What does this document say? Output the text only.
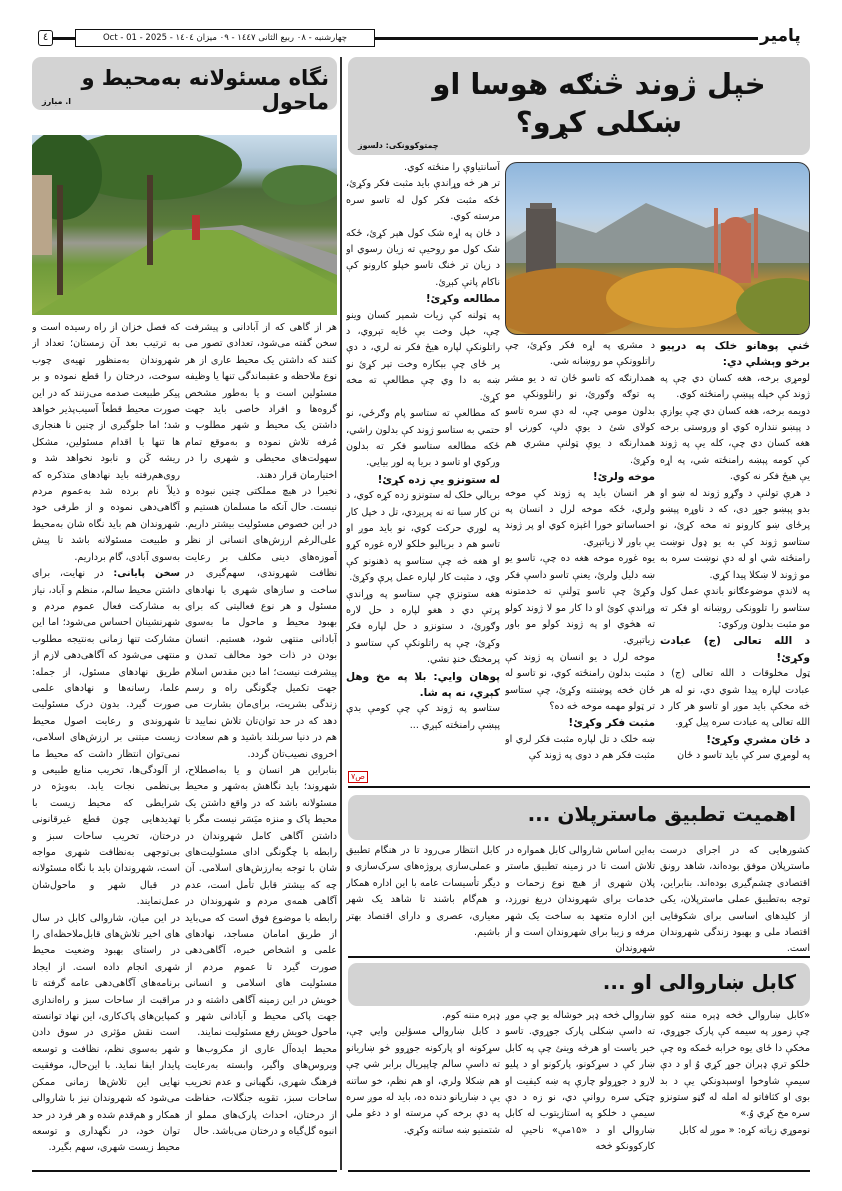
پامیر
چهارشنبه - ۰۸ ربیع الثانی ۱٤٤۷ - ۰۹ میزان ۱٤۰٤ - Oct - 01 - 2025
٤
نگاه مسئولانه به‌محیط و ماحول
ا. مبارز
خپل ژوند څنګه هوسا او ښکلی کړو؟
چمتوکوونکی: دلسوز

څنې پوهانو خلک په درېیو برخو وېشلي دي:

لومړی برخه، هغه کسان دي چې په ژوند کې خپله پېښې رامنځته کوي.

دویمه برخه، هغه کسان دي چې یوازې د پېښو ننداره کوي او وروستی برخه هغه کسان دي چې، کله یې په ژوند کې کومه پېښه رامنځته شي، په اړه یې هیڅ فکر نه کوي.

د هرې تولنې د وګړو ژوند له ښو او بدو پېښو جوړ دی، که د ناوړه پېښو پرځای ښو کارونو ته مخه کړئ، نو ستاسو ژوند کې به یو ډول نوښت رامنځته شي او له دې نوښت سره به مو ژوند لا ښکلا پیدا کړي.

په لاندې موضوعګانو باندې عمل کول ستاسو را تلوونکی روښانه او فکر ته مو مثبت بدلون ورکوي:

د الله تعالی (ج) عبادت وکړئ!

ټول مخلوقات د الله تعالی (ج) د عبادت لپاره پیدا شوي دي، نو له هر څه مخکې باید موږ او تاسو هر کار د الله تعالی په عبادت سره پیل کړو.

د ځان مشري وکړئ!

په لومړي سر کې باید تاسو د ځان

د مشرۍ په اړه فکر وکړئ، چې راتلوونکې مو روښانه شي.

همدارنګه که تاسو ځان ته د یو مشر په توګه وګورئ، نو راتلوونکې مو بدلون مومي چې، له دې سره تاسو کولای شئ د یوې دلې، کورنۍ او همدارنګه د یوې ټولنې مشري هم وکړئ.

موخه ولرئ!

هر انسان باید په ژوند کې موخه ولري، ځکه موخه لرل د انسان په احساساتو خورا اغېزه کوي او پر ژوند یې باور لا زیاتېږي.

یوه غوره موخه هغه ده چې، تاسو یو ښه دلیل ولرئ، یعنې تاسو داسې فکر وکړئ چې تاسو ټولنې ته خدمتونه وړاندې کوئ او دا کار مو لا ژوند کولو ته هڅوي او په ژوند کولو مو باور زیاتېږي.

موخه لرل د یو انسان په ژوند کې مثبت بدلون رامنځته کوي، نو تاسو له ځان څخه پوښتنه وکړئ، چې ستاسو تر ټولو مهمه موخه څه ده؟

مثبت فکر وکړئ!

ښه خلک د تل لپاره مثبت فکر لري او مثبت فکر هم د دوی په ژوند کې

آسانتیاوې را منځته کوي.

تر هر څه وړاندې باید مثبت فکر وکړئ، ځکه مثبت فکر کول له تاسو سره مرسته کوي.

د ځان په اړه شک کول هېر کړئ، ځکه شک کول مو روحیې ته زیان رسوي او د زیان تر څنګ تاسو خپلو کارونو کې ناکام پاتې کېږئ.

مطالعه وکړئ!

په ټولنه کې زیات شمېر کسان وینو چې، خپل وخت بې ځایه تېروي، د راتلونکې لپاره هیڅ فکر نه لري، د دې پر ځای چې بېکاره وخت تېر کړئ نو ښه به دا وي چې مطالعې ته مخه کړئ.

که مطالعې ته ستاسو پام وګرځي، نو حتمي به ستاسو ژوند کې بدلون راشي، ځکه مطالعه ستاسو فکر ته بدلون ورکوي او تاسو د بریا په لور بیایي.

له ستونزو یې زده کړئ!

بریالي خلک له ستونزو زده کړه کوي، د نن کار سبا ته نه پرېږدي، تل د خپل کار په لوري حرکت کوي، نو باید موږ او تاسو هم د بریالیو خلکو لاره غوره کړو او هغه څه چې ستاسو په ذهنونو کې وي، د مثبت کار لپاره عمل پرې وکړئ.

هغه ستونزې چې ستاسو په وړاندې پرتې دي د هغو لپاره د حل لاره وګورئ، د ستونزو د حل لپاره فکر وکړئ، چې په راتلونکې کې ستاسو د پرمختګ خنډ نشي.

پوهان وایي: بلا په مخ وهل کېږي، نه په شا.

ستاسو په ژوند کې چې کومې بدې پېښې رامنځته کېږي ...

ص۷

هر از گاهی که از آبادانی و پیشرفت سخن گفته می‌شود، تعدادی تصور می کنند که داشتن یک محیط عاری از هر نوع ملاحظه و عقبماندگی تنها یا وظیفه مسئولین است و یا به‌طور مشخص گروه‌ها و افراد خاصی باید جهت داشتن یک محیط و شهر مطلوب و مُرفه تلاش نموده و به‌موقع تمام سهولت‌های محیطی و شهری را در اختیارمان قرار دهند.

نخیرا در هیچ مملکتی چنین نبوده و نیست. حال آنکه ما مسلمان هستیم و در این خصوص مسئولیت بیشتر داریم. علی‌الرغم ارزش‌های انسانی از نظر آموزه‌های دینی مکلف بر رعایت نظافت شهروندی، سهم‌گیری در ساخت و سازهای شهری با نهادهای مسئول و هر نوع فعالیتی که برای بهبود محیط و ماحول ما به‌سوی آبادانی منتهی شود، هستیم. انسان بودن در ذات خود مخالف تمدن و پیشرفت نیست؛ اما دین مقدس اسلام جهت تکمیل چگونگی راه و رسم زندگی بشریت، برای‌مان بشارت می دهد که در حد توان‌تان تلاش نمایید تا هم در دنیا سربلند باشید و هم سعادت اخروی نصیب‌تان گردد.

بنابراین هر انسان و یا به‌اصطلاح، شهروند؛ باید نگاهش به‌شهر و محیط مسئولانه باشد که در واقع داشتن یک محیط پاک و منزه میَسَر نیست مگر با داشتن آگاهی کامل شهروندان در رابطه با چگونگی ادای مسئولیت‌های شان با توجه به‌ارزش‌های اسلامی. آن چه که بیشتر قابل تأمل است، عدم آگاهی همه‌ی مردم و شهروندان در رابطه با موضوع فوق است که می‌باید از طریق امامان مساجد، نهادهای علمی و اشخاص خبره، آگاهی‌دهی صورت گیرد تا عموم مردم از مسئولیت های اسلامی و انسانی خویش در این زمینه آگاهی داشته و در جهت پاکی محیط و آبادانی شهر و ماحول خویش رفع مسئولیت نمایند.

محیط ایده‌آل عاری از مکروب‌ها و ویروس‌های واگیر، وابسته به‌رعایت فرهنگ شهری، نگهبانی و عدم تخریب ساحات سبز، تقویه جنگلات، حفاظت از درختان، احداث پارک‌های مملو از انبوه گل‌گیاه و درختان می‌باشد. حال

که فصل خزان از راه رسیده است و به ترتیب بعد آن زمستان؛ تعداد از شهروندان به‌منظور تهیه‌ی چوب سوخت، درختان را قطع نموده و بر پیکر طبیعت صدمه می‌زنند که در این صورت محیط قطعاً آسیب‌پذیر خواهد شد؛ اما جلوگیری از چنین نا هنجاری ها تنها با اقدام مسئولین، مشکل ریشه کَن و نابود نخواهد شد و روی‌هم‌رفته باید نهادهای متذکره که ذیلاً نام برده شد به‌عموم مردم آگاهی‌دهی نموده و از طرفی خود شهروندان هم باید نگاه شان به‌محیط و طبیعت مسئولانه باشد تا پیش به‌سوی آبادی، گام برداریم.

سخن پایانی: در نهایت، برای داشتن محیط سالم، منظم و آباد، نیاز به مشارکت فعال عموم مردم و شهرنشینان احساس می‌شود؛ اما این مشارکت تنها زمانی به‌نتیجه مطلوب منتهی می‌شود که آگاهی‌دهی لازم از طریق نهادهای مسئول، از جمله: علما، رسانه‌ها و نهادهای علمی صورت گیرد. بدون درک مسئولیت شهروندی و رعایت اصول محیط زیست مبتنی بر ارزش‌های اسلامی، نمی‌توان انتظار داشت که محیط ما از آلودگی‌ها، تخریب منابع طبیعی و بی‌نظمی نجات یابد. به‌ویژه در شرایطی که محیط زیست با تهدیدهایی چون قطع غیرقانونی درختان، تخریب ساحات سبز و بی‌توجهی به‌نظافت شهری مواجه است، شهروندان باید با نگاه مسئولانه در قبال شهر و ماحول‌شان عمل‌نمایند.

در این میان، شاروالی کابل در سال های اخیر تلاش‌های قابل‌ملاحظه‌ای را در راستای بهبود وضعیت محیط شهری انجام داده است. از ایجاد برنامه‌های آگاهی‌دهی عامه گرفته تا مراقبت از ساحات سبز و راه‌اندازی کمپاین‌های پاک‌کاری، این نهاد توانسته است نقش مؤثری در سوق دادن شهر به‌سوی نظم، نظافت و توسعه پایدار ایفا نماید. با این‌حال، موفقیت نهایی این تلاش‌ها زمانی ممکن می‌شود که شهروندان نیز با شاروالی همکار و هم‌قدم شده و هر فرد در حد توان خود، در نگهداری و توسعه محیط زیست شهری، سهم بگیرد.

اهمیت تطبیق ماستر‌پلان ...

کشورهایی که در اجرای درست ماسترپلان موفق بوده‌اند، شاهد رونق اقتصادی چشم‌گیری بوده‌اند. بنابراین، توجه به‌تطبیق عملی ماسترپلان، یکی از کلیدهای اساسی برای شکوفایی اقتصاد ملی و بهبود زندگی شهروندان است.

به‌این اساس شاروالی کابل همواره در تلاش است تا در زمینه تطبیق ماستر پلان شهری از هیچ نوع زحمات و خدمات برای شهروندان دریغ نورزد، این اداره متعهد به ساخت یک شهر مرفه و زیبا برای شهروندان است و از شهروندان

کابل انتظار می‌رود تا در هنگام تطبیق و عملی‌سازی پروژه‌های سرک‌سازی و دیگر تأسیسات عامه با این اداره همکار و هم‌گام باشند تا شاهد یک شهر معیاری، عصری و دارای اقتصاد بهتر باشیم.

کابل ښاروالی او ...

«کابل ښاروالۍ څخه ډېره مننه کوو چې زموږ په سیمه کې پارک جوړوي، مخکې دا ځای یوه خرابه ځمکه وه چې خلکو ترې ډېران جوړ کړي وُ او د دې سیمې شاوخوا اوسېدونکي یې د بد بوی او کثافاتو له امله له ګڼو ستونزو سره مخ کړي وُ.»

نوموړي زیاته کړه: « موږ له کابل

ښاروالۍ څخه ډېر خوشاله یو چې موږ ته داسې ښکلی پارک جوړوي. تاسو خبر یاست او هرڅه وینئ چې په کابل ښار کې د سړکونو، پارکونو او د پلیو لارو د جوړولو چارې په ښه کیفیت او چټکۍ سره روانې دي، نو زه د دې سیمې د خلکو په استازیتوب له کابل ښاروالۍ او د «۱۵مې» ناحیې له کارکوونکو څخه

ډېره مننه کوم.

د کابل ښاروالۍ مسؤلین وایي چې، سړکونه او پارکونه جوړوو څو ښاریانو ته داسې سالم چاپېریال برابر شي چې هم ښکلا ولري، او هم نظم، خو ساتنه یې د ښاریانو دنده ده، باید له موږ سره په دې برخه کې مرسته او د دغو ملي شتمنیو ښه ساتنه وکړي.
